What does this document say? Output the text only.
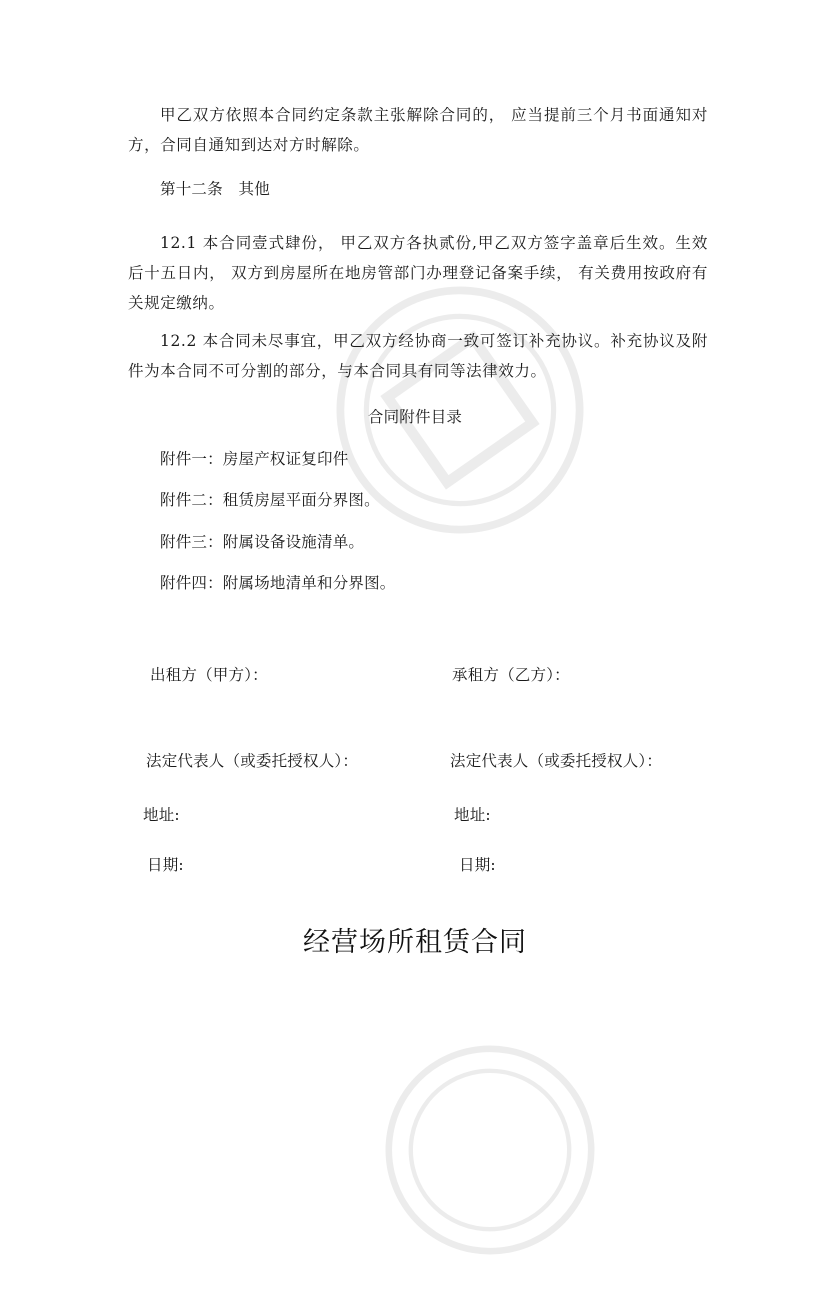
甲乙双方依照本合同约定条款主张解除合同的， 应当提前三个月书面通知对方，合同自通知到达对方时解除。
第十二条　其他
12.1 本合同壹式肆份， 甲乙双方各执贰份,甲乙双方签字盖章后生效。生效后十五日内， 双方到房屋所在地房管部门办理登记备案手续， 有关费用按政府有关规定缴纳。
12.2 本合同未尽事宜，甲乙双方经协商一致可签订补充协议。补充协议及附件为本合同不可分割的部分，与本合同具有同等法律效力。
合同附件目录
附件一：房屋产权证复印件
附件二：租赁房屋平面分界图。
附件三：附属设备设施清单。
附件四：附属场地清单和分界图。
出租方（甲方）：	承租方（乙方）：
法定代表人（或委托授权人）：	法定代表人（或委托授权人）：
地址:	地址:
日期:	日期:
经营场所租赁合同
